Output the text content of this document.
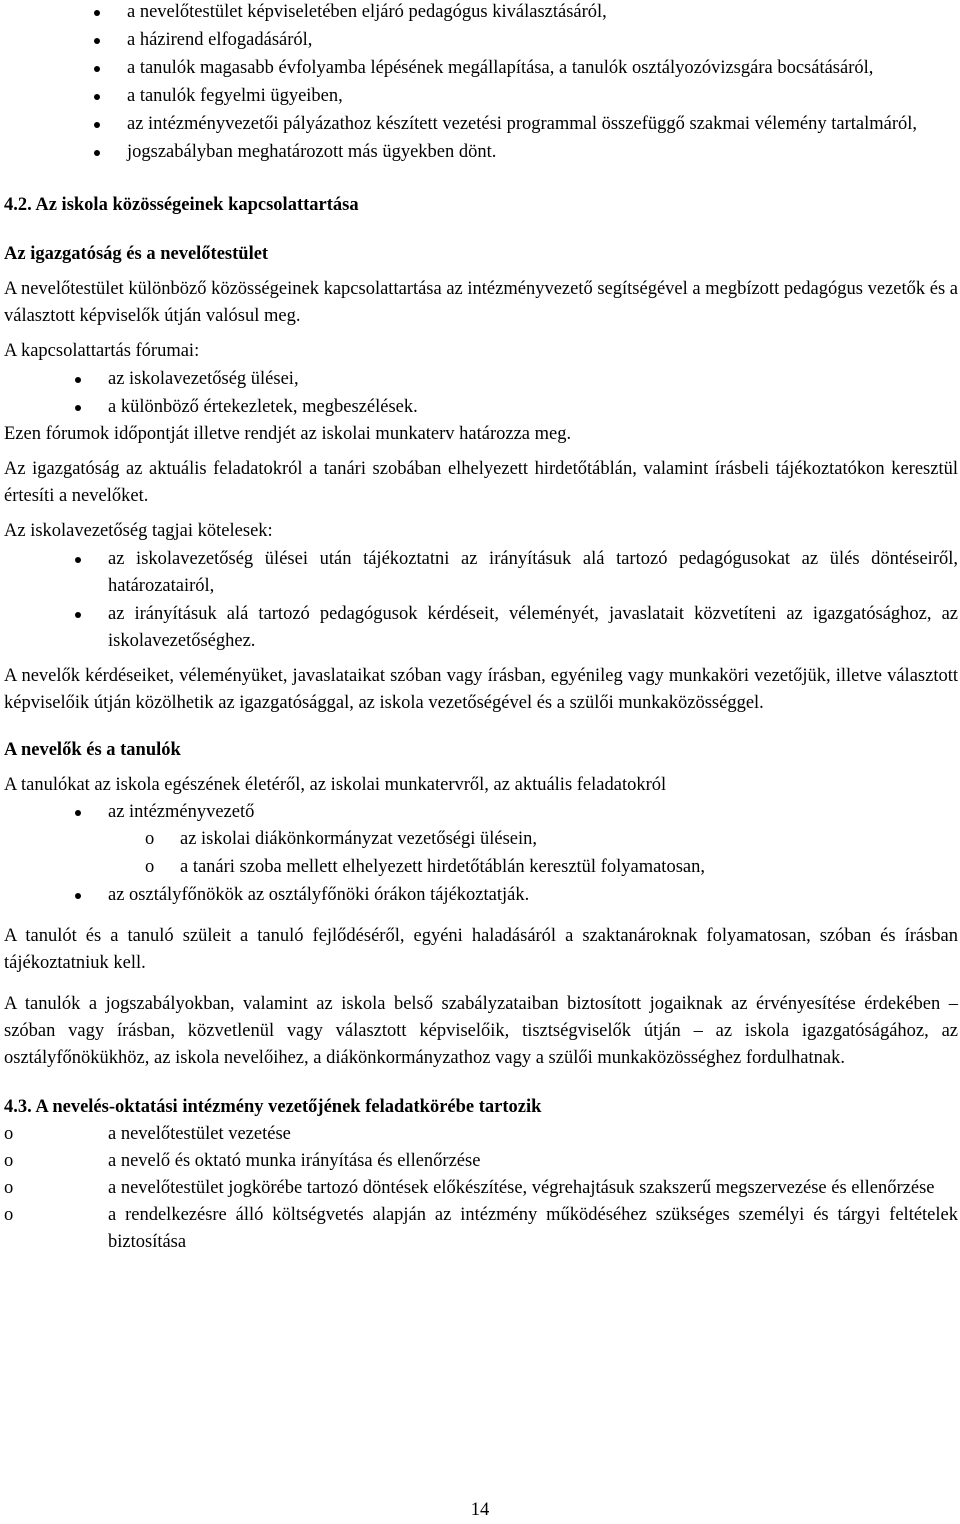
a nevelőtestület képviseletében eljáró pedagógus kiválasztásáról,
a házirend elfogadásáról,
a tanulók magasabb évfolyamba lépésének megállapítása, a tanulók osztályozóvizsgára bocsátásáról,
a tanulók fegyelmi ügyeiben,
az intézményvezetői pályázathoz készített vezetési programmal összefüggő szakmai vélemény tartalmáról,
jogszabályban meghatározott más ügyekben dönt.

4.2. Az iskola közösségeinek kapcsolattartása

Az igazgatóság és a nevelőtestület

A nevelőtestület különböző közösségeinek kapcsolattartása az intézményvezető segítségével a megbízott pedagógus vezetők és a választott képviselők útján valósul meg.

A kapcsolattartás fórumai:

az iskolavezetőség ülései,
a különböző értekezletek, megbeszélések.

Ezen fórumok időpontját illetve rendjét az iskolai munkaterv határozza meg.

Az igazgatóság az aktuális feladatokról a tanári szobában elhelyezett hirdetőtáblán, valamint írásbeli tájékoztatókon keresztül értesíti a nevelőket.

Az iskolavezetőség tagjai kötelesek:

az iskolavezetőség ülései után tájékoztatni az irányításuk alá tartozó pedagógusokat az ülés döntéseiről, határozatairól,
az irányításuk alá tartozó pedagógusok kérdéseit, véleményét, javaslatait közvetíteni az igazgatósághoz, az iskolavezetőséghez.

A nevelők kérdéseiket, véleményüket, javaslataikat szóban vagy írásban, egyénileg vagy munkaköri vezetőjük, illetve választott képviselőik útján közölhetik az igazgatósággal, az iskola vezetőségével és a szülői munkaközösséggel.

A nevelők és a tanulók

A tanulókat az iskola egészének életéről, az iskolai munkatervről, az aktuális feladatokról

az intézményvezető
o az iskolai diákönkormányzat vezetőségi ülésein,
o a tanári szoba mellett elhelyezett hirdetőtáblán keresztül folyamatosan,
az osztályfőnökök az osztályfőnöki órákon tájékoztatják.

A tanulót és a tanuló szüleit a tanuló fejlődéséről, egyéni haladásáról a szaktanároknak folyamatosan, szóban és írásban tájékoztatniuk kell.

A tanulók a jogszabályokban, valamint az iskola belső szabályzataiban biztosított jogaiknak az érvényesítése érdekében – szóban vagy írásban, közvetlenül vagy választott képviselőik, tisztségviselők útján – az iskola igazgatóságához, az osztályfőnökükhöz, az iskola nevelőihez, a diákönkormányzathoz vagy a szülői munkaközösséghez fordulhatnak.

4.3. A nevelés-oktatási intézmény vezetőjének feladatkörébe tartozik

o a nevelőtestület vezetése
o a nevelő és oktató munka irányítása és ellenőrzése
o a nevelőtestület jogkörébe tartozó döntések előkészítése, végrehajtásuk szakszerű megszervezése és ellenőrzése
o a rendelkezésre álló költségvetés alapján az intézmény működéséhez szükséges személyi és tárgyi feltételek biztosítása
14
